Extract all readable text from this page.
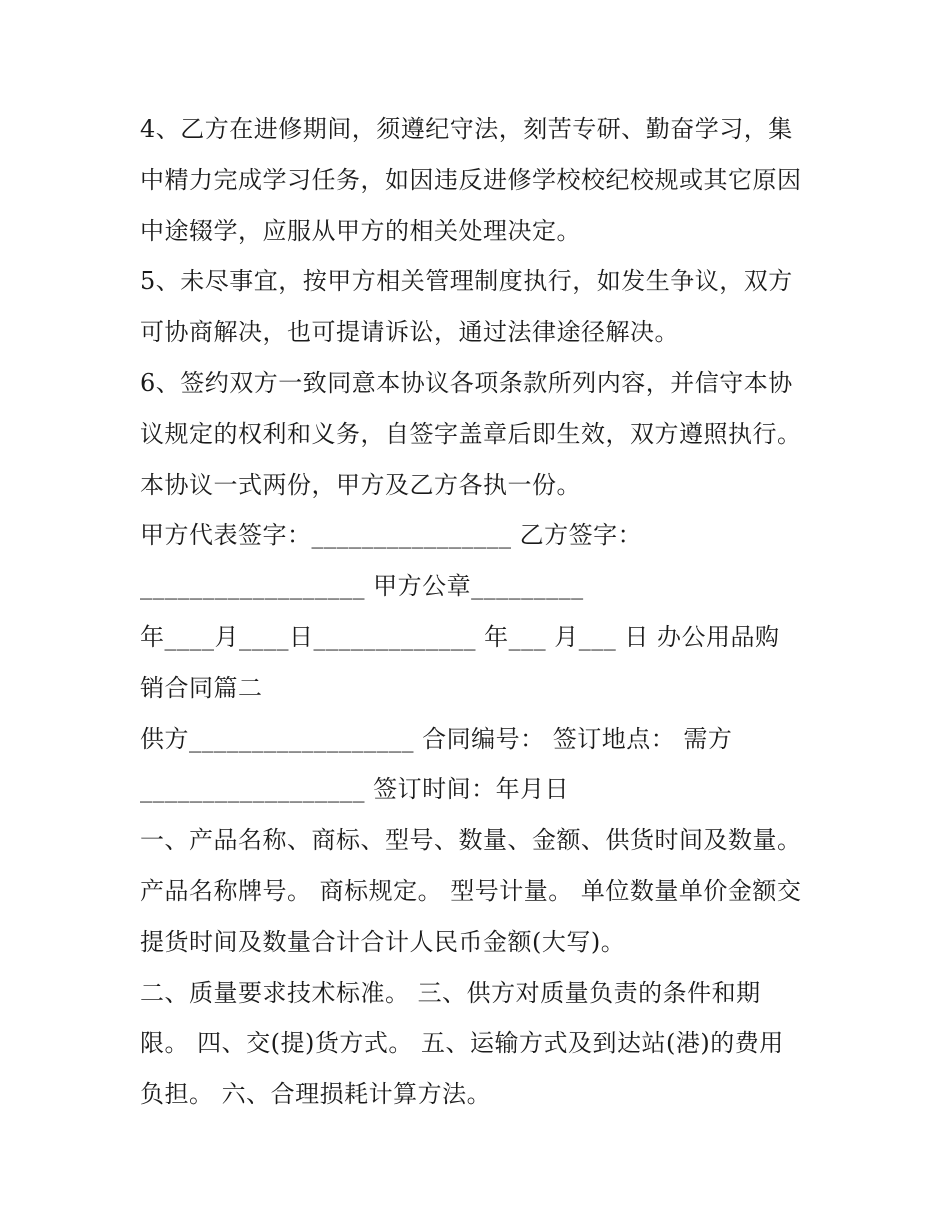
4、乙方在进修期间，须遵纪守法，刻苦专研、勤奋学习，集
中精力完成学习任务，如因违反进修学校校纪校规或其它原因
中途辍学，应服从甲方的相关处理决定。
5、未尽事宜，按甲方相关管理制度执行，如发生争议，双方
可协商解决，也可提请诉讼，通过法律途径解决。
6、签约双方一致同意本协议各项条款所列内容，并信守本协
议规定的权利和义务，自签字盖章后即生效，双方遵照执行。
本协议一式两份，甲方及乙方各执一份。
甲方代表签字：________________ 乙方签字：
__________________ 甲方公章_________
年____月____日_____________ 年___ 月___ 日 办公用品购
销合同篇二
供方__________________ 合同编号： 签订地点： 需方
__________________ 签订时间：年月日
一、产品名称、商标、型号、数量、金额、供货时间及数量。
产品名称牌号。 商标规定。 型号计量。 单位数量单价金额交
提货时间及数量合计合计人民币金额(大写)。
二、质量要求技术标准。 三、供方对质量负责的条件和期
限。 四、交(提)货方式。 五、运输方式及到达站(港)的费用
负担。 六、合理损耗计算方法。
